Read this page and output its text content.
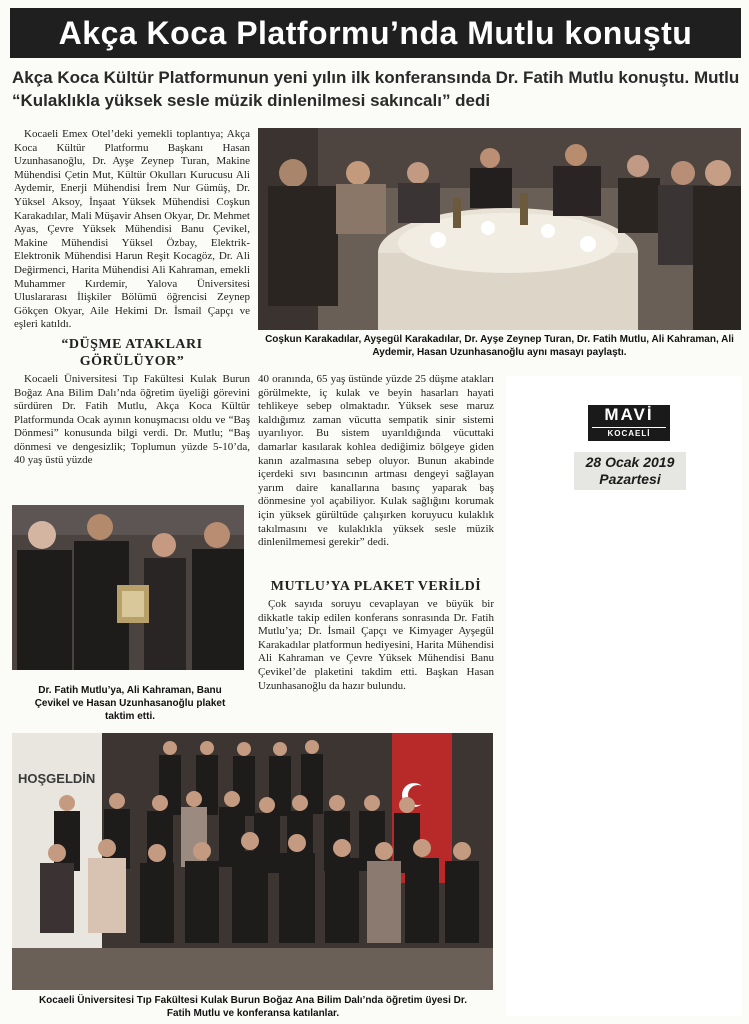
Akça Koca Platformu’nda Mutlu konuştu
Akça Koca Kültür Platformunun yeni yılın ilk konferansında Dr. Fatih Mutlu konuştu. Mutlu “Kulaklıkla yüksek sesle müzik dinlenilmesi sakıncalı” dedi

Kocaeli Emex Otel’deki yemekli toplantıya; Akça Koca Kültür Platformu Başkanı Hasan Uzunhasanoğlu, Dr. Ayşe Zeynep Turan, Makine Mühendisi Çetin Mut, Kültür Okulları Kurucusu Ali Aydemir, Enerji Mühendisi İrem Nur Gümüş, Dr. Yüksel Aksoy, İnşaat Yüksek Mühendisi Coşkun Karakadılar, Mali Müşavir Ahsen Okyar, Dr. Mehmet Ayas, Çevre Yüksek Mühendisi Banu Çevikel, Makine Mühendisi Yüksel Özbay, Elektrik-Elektronik Mühendisi Harun Reşit Kocagöz, Dr. Ali Değirmenci, Harita Mühendisi Ali Kahraman, emekli Muhammer Kırdemir, Yalova Üniversitesi Uluslararası İlişkiler Bölümü öğrencisi Zeynep Gökçen Okyar, Aile Hekimi Dr. İsmail Çapçı ve eşleri katıldı.

“DÜŞME ATAKLARI GÖRÜLÜYOR”

Kocaeli Üniversitesi Tıp Fakültesi Kulak Burun Boğaz Ana Bilim Dalı’nda öğretim üyeliği görevini sürdüren Dr. Fatih Mutlu, Akça Koca Kültür Platformunda Ocak ayının konuşmacısı oldu ve “Baş Dönmesi” konusunda bilgi verdi. Dr. Mutlu; “Baş dönmesi ve dengesizlik; Toplumun yüzde 5-10’da, 40 yaş üstü yüzde

Coşkun Karakadılar, Ayşegül Karakadılar, Dr. Ayşe Zeynep Turan, Dr. Fatih Mutlu, Ali Kahraman, Ali Aydemir, Hasan Uzunhasanoğlu aynı masayı paylaştı.
Dr. Fatih Mutlu’ya, Ali Kahraman, Banu Çevikel ve Hasan Uzunhasanoğlu plaket taktim etti.

40 oranında, 65 yaş üstünde yüzde 25 düşme atakları görülmekte, iç kulak ve beyin hasarları hayati tehlikeye sebep olmaktadır. Yüksek sese maruz kaldığımız zaman vücutta sempatik sinir sistemi uyarılıyor. Bu sistem uyarıldığında vücuttaki damarlar kasılarak kohlea dediğimiz bölgeye giden kanın azalmasına sebep oluyor. Bunun akabinde içerdeki sıvı basıncının artması dengeyi sağlayan yarım daire kanallarına basınç yaparak baş dönmesine yol açabiliyor. Kulak sağlığını korumak için yüksek gürültüde çalışırken koruyucu kulaklık takılmasını ve kulaklıkla yüksek sesle müzik dinlenilmemesi gerekir” dedi.

MUTLU’YA PLAKET VERİLDİ

Çok sayıda soruyu cevaplayan ve büyük bir dikkatle takip edilen konferans sonrasında Dr. Fatih Mutlu’ya; Dr. İsmail Çapçı ve Kimyager Ayşegül Karakadılar platformun hediyesini, Harita Mühendisi Ali Kahraman ve Çevre Yüksek Mühendisi Banu Çevikel’de plaketini takdim etti. Başkan Hasan Uzunhasanoğlu da hazır bulundu.

MAVİ
KOCAELİ
28 Ocak 2019
Pazartesi
HOŞGELDİN
Kocaeli Üniversitesi Tıp Fakültesi Kulak Burun Boğaz Ana Bilim Dalı’nda öğretim üyesi Dr. Fatih Mutlu ve konferansa katılanlar.
